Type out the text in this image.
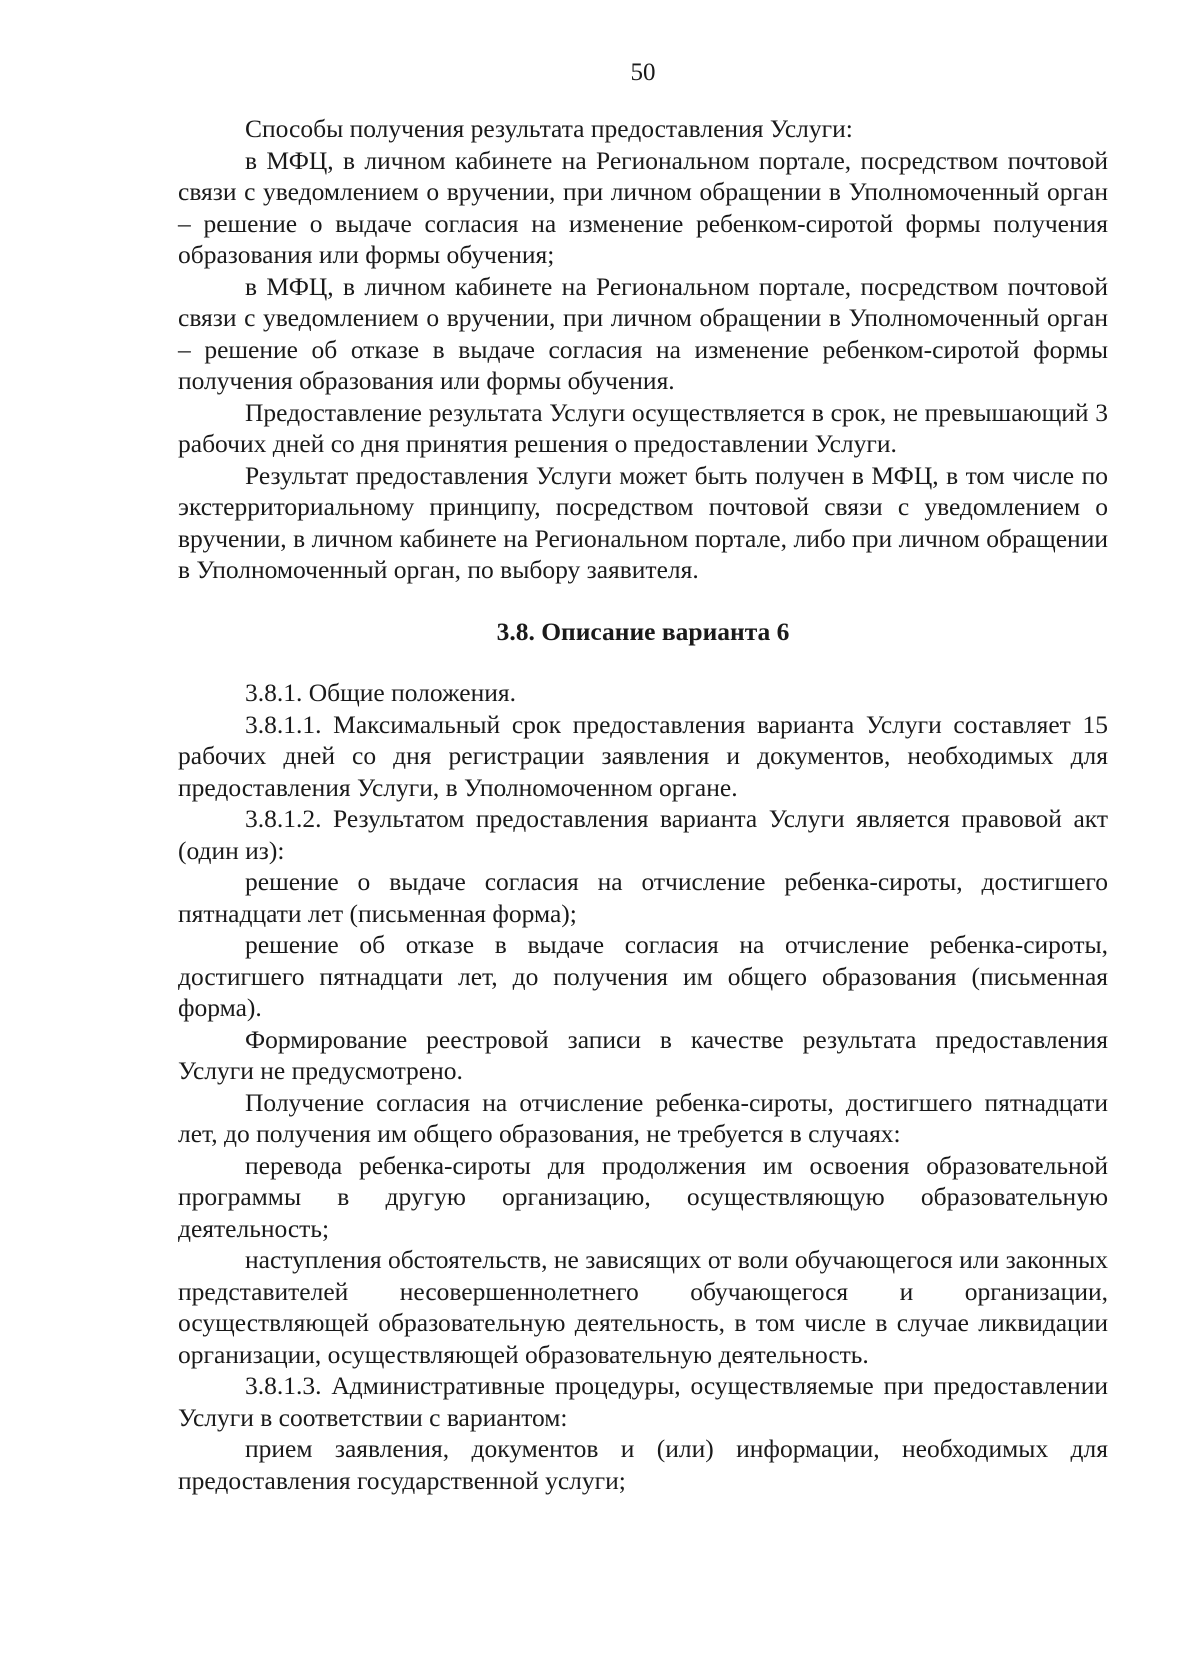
50

Способы получения результата предоставления Услуги:

в МФЦ, в личном кабинете на Региональном портале, посредством почтовой связи с уведомлением о вручении, при личном обращении в Уполномоченный орган – решение о выдаче согласия на изменение ребенком-сиротой формы получения образования или формы обучения;

в МФЦ, в личном кабинете на Региональном портале, посредством почтовой связи с уведомлением о вручении, при личном обращении в Уполномоченный орган – решение об отказе в выдаче согласия на изменение ребенком-сиротой формы получения образования или формы обучения.

Предоставление результата Услуги осуществляется в срок, не превышающий 3 рабочих дней со дня принятия решения о предоставлении Услуги.

Результат предоставления Услуги может быть получен в МФЦ, в том числе по экстерриториальному принципу, посредством почтовой связи с уведомлением о вручении, в личном кабинете на Региональном портале, либо при личном обращении в Уполномоченный орган, по выбору заявителя.

3.8. Описание варианта 6

3.8.1. Общие положения.

3.8.1.1. Максимальный срок предоставления варианта Услуги составляет 15 рабочих дней со дня регистрации заявления и документов, необходимых для предоставления Услуги, в Уполномоченном органе.

3.8.1.2. Результатом предоставления варианта Услуги является правовой акт (один из):

решение о выдаче согласия на отчисление ребенка-сироты, достигшего пятнадцати лет (письменная форма);

решение об отказе в выдаче согласия на отчисление ребенка-сироты, достигшего пятнадцати лет, до получения им общего образования (письменная форма).

Формирование реестровой записи в качестве результата предоставления Услуги не предусмотрено.

Получение согласия на отчисление ребенка-сироты, достигшего пятнадцати лет, до получения им общего образования, не требуется в случаях:

перевода ребенка-сироты для продолжения им освоения образовательной программы в другую организацию, осуществляющую образовательную деятельность;

наступления обстоятельств, не зависящих от воли обучающегося или законных представителей несовершеннолетнего обучающегося и организации, осуществляющей образовательную деятельность, в том числе в случае ликвидации организации, осуществляющей образовательную деятельность.

3.8.1.3. Административные процедуры, осуществляемые при предоставлении Услуги в соответствии с вариантом:

прием заявления, документов и (или) информации, необходимых для предоставления государственной услуги;
